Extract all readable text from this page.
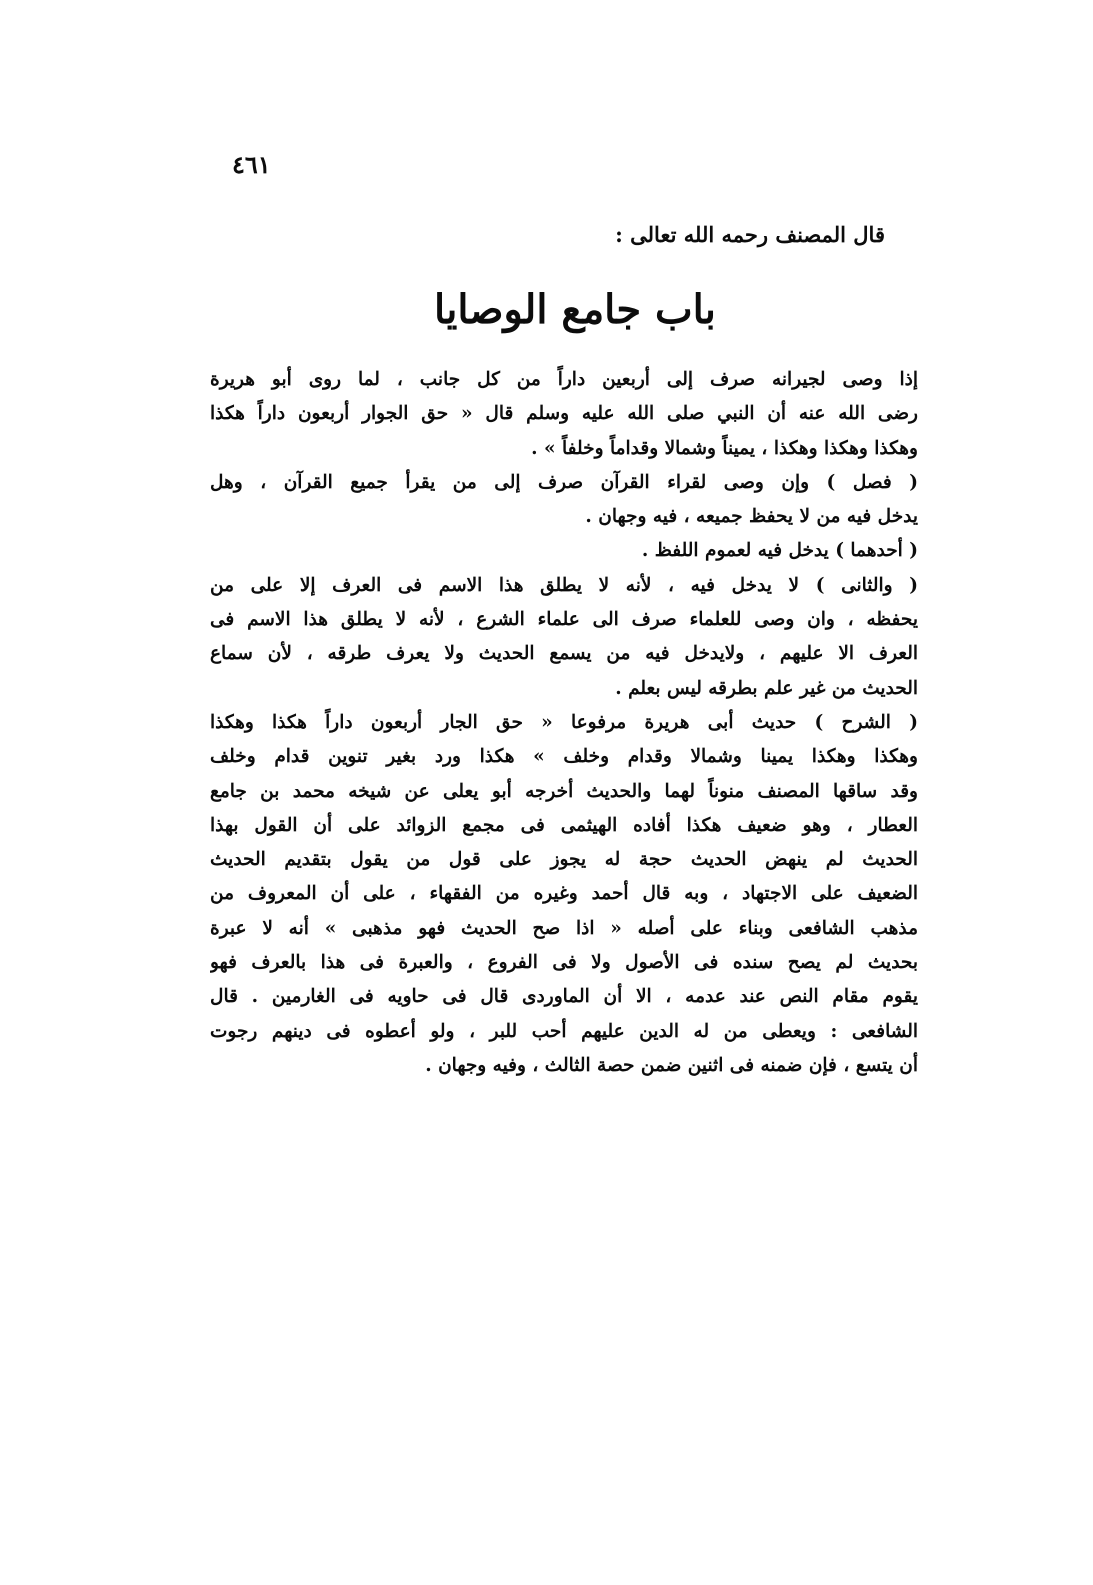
٤٦١
قال المصنف رحمه الله تعالى :
باب جامع الوصايا
إذا وصى لجيرانه صرف إلى أربعين داراً من كل جانب ، لما روى أبو هريرة
رضى الله عنه أن النبي صلى الله عليه وسلم قال « حق الجوار أربعون داراً هكذا
وهكذا وهكذا وهكذا ، يميناً وشمالا وقداماً وخلفاً » .
( فصل ) وإن وصى لقراء القرآن صرف إلى من يقرأ جميع القرآن ، وهل
يدخل فيه من لا يحفظ جميعه ، فيه وجهان .
( أحدهما ) يدخل فيه لعموم اللفظ .
( والثانى ) لا يدخل فيه ، لأنه لا يطلق هذا الاسم فى العرف إلا على من
يحفظه ، وان وصى للعلماء صرف الى علماء الشرع ، لأنه لا يطلق هذا الاسم فى
العرف الا عليهم ، ولايدخل فيه من يسمع الحديث ولا يعرف طرقه ، لأن سماع
الحديث من غير علم بطرقه ليس بعلم .
( الشرح ) حديث أبى هريرة مرفوعا « حق الجار أربعون داراً هكذا وهكذا
وهكذا وهكذا يمينا وشمالا وقدام وخلف » هكذا ورد بغير تنوين قدام وخلف
وقد ساقها المصنف منوناً لهما والحديث أخرجه أبو يعلى عن شيخه محمد بن جامع
العطار ، وهو ضعيف هكذا أفاده الهيثمى فى مجمع الزوائد على أن القول بهذا
الحديث لم ينهض الحديث حجة له يجوز على قول من يقول بتقديم الحديث
الضعيف على الاجتهاد ، وبه قال أحمد وغيره من الفقهاء ، على أن المعروف من
مذهب الشافعى وبناء على أصله « اذا صح الحديث فهو مذهبى » أنه لا عبرة
بحديث لم يصح سنده فى الأصول ولا فى الفروع ، والعبرة فى هذا بالعرف فهو
يقوم مقام النص عند عدمه ، الا أن الماوردى قال فى حاويه فى الغارمين . قال
الشافعى : ويعطى من له الدين عليهم أحب للبر ، ولو أعطوه فى دينهم رجوت
أن يتسع ، فإن ضمنه فى اثنين ضمن حصة الثالث ، وفيه وجهان .
